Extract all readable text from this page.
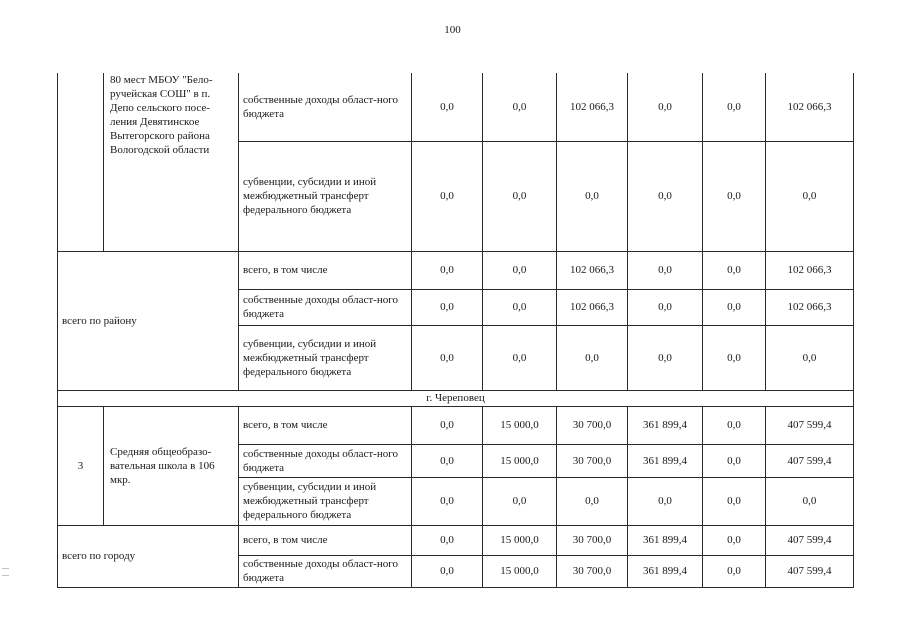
100
— —
	80 мест МБОУ "Бело-ручейская СОШ" в п. Депо сельского посе-ления Девятинское Вытегорского района Вологодской области	собственные доходы област-ного бюджета	0,0	0,0	102 066,3	0,0	0,0	102 066,3
		субвенции, субсидии и иной межбюджетный трансферт федерального бюджета	0,0	0,0	0,0	0,0	0,0	0,0
всего по району		всего, в том числе	0,0	0,0	102 066,3	0,0	0,0	102 066,3
		собственные доходы област-ного бюджета	0,0	0,0	102 066,3	0,0	0,0	102 066,3
		субвенции, субсидии и иной межбюджетный трансферт федерального бюджета	0,0	0,0	0,0	0,0	0,0	0,0
г. Череповец								
3	Средняя общеобразо-вательная школа в 106 мкр.	всего, в том числе	0,0	15 000,0	30 700,0	361 899,4	0,0	407 599,4
		собственные доходы област-ного бюджета	0,0	15 000,0	30 700,0	361 899,4	0,0	407 599,4
		субвенции, субсидии и иной межбюджетный трансферт федерального бюджета	0,0	0,0	0,0	0,0	0,0	0,0
всего по городу		всего, в том числе	0,0	15 000,0	30 700,0	361 899,4	0,0	407 599,4
		собственные доходы област-ного бюджета	0,0	15 000,0	30 700,0	361 899,4	0,0	407 599,4
